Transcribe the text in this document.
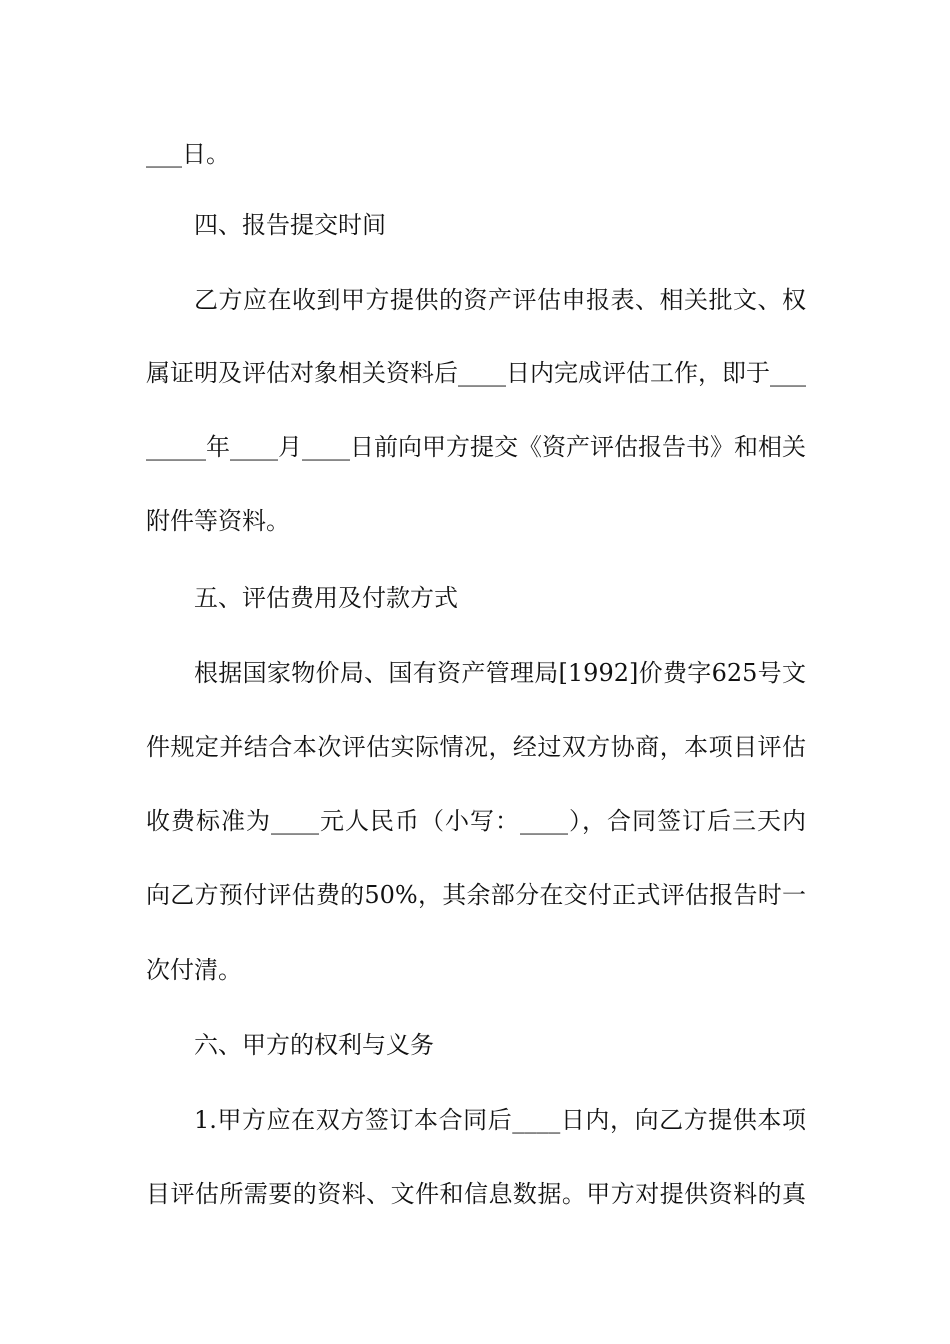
___日。
四、报告提交时间
乙方应在收到甲方提供的资产评估申报表、相关批文、权
属证明及评估对象相关资料后____日内完成评估工作，即于___
_____年____月____日前向甲方提交《资产评估报告书》和相关
附件等资料。
五、评估费用及付款方式
根据国家物价局、国有资产管理局[1992]价费字625号文
件规定并结合本次评估实际情况，经过双方协商，本项目评估
收费标准为____元人民币（小写：____），合同签订后三天内
向乙方预付评估费的50%，其余部分在交付正式评估报告时一
次付清。
六、甲方的权利与义务
1.甲方应在双方签订本合同后____日内，向乙方提供本项
目评估所需要的资料、文件和信息数据。甲方对提供资料的真
